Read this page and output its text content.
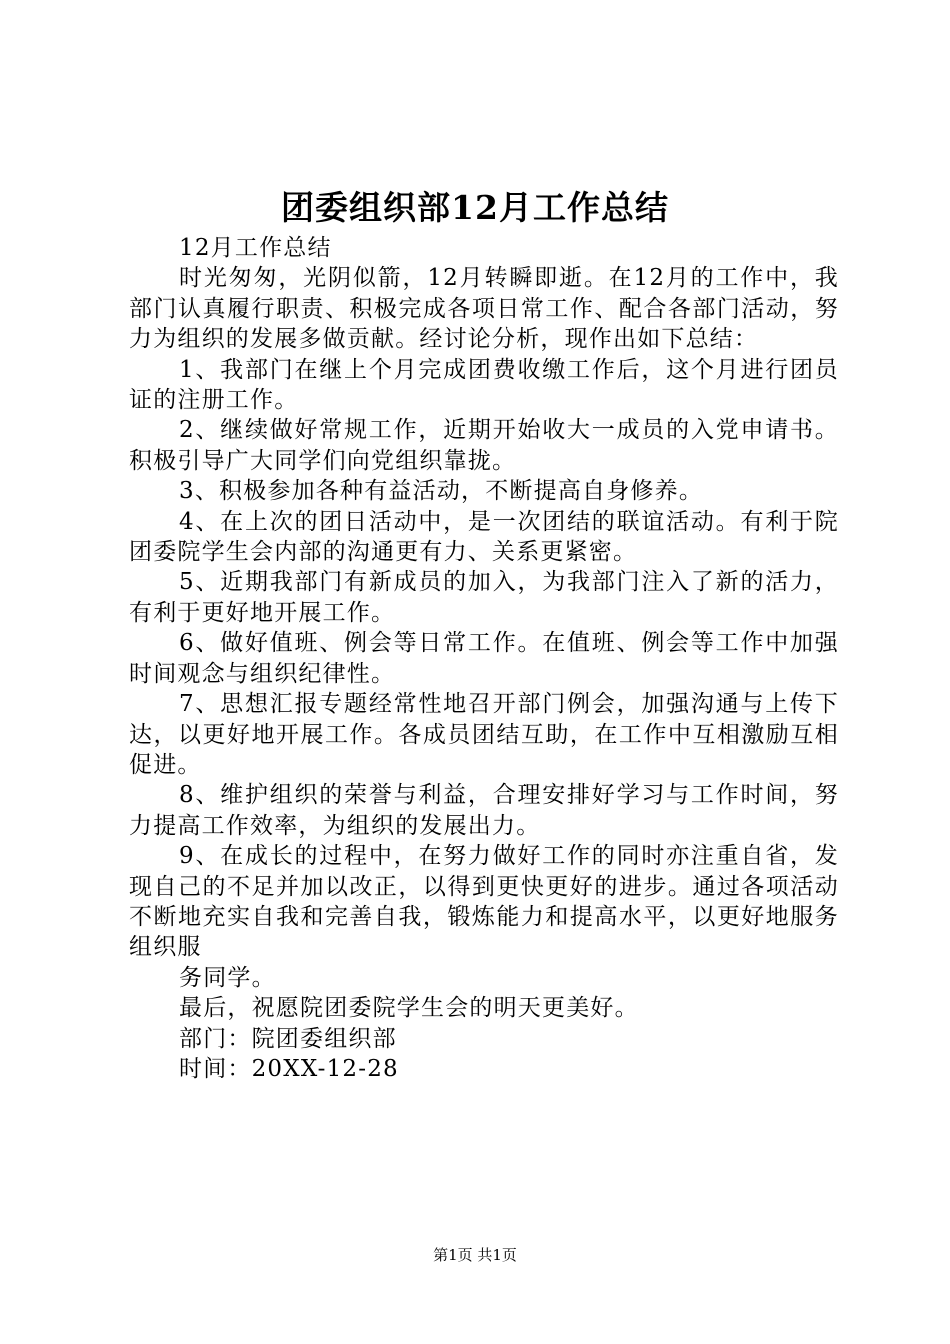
团委组织部12月工作总结

12月工作总结

时光匆匆，光阴似箭，12月转瞬即逝。在12月的工作中，我部门认真履行职责、积极完成各项日常工作、配合各部门活动，努力为组织的发展多做贡献。经讨论分析，现作出如下总结：

1、我部门在继上个月完成团费收缴工作后，这个月进行团员证的注册工作。

2、继续做好常规工作，近期开始收大一成员的入党申请书。积极引导广大同学们向党组织靠拢。

3、积极参加各种有益活动，不断提高自身修养。

4、在上次的团日活动中，是一次团结的联谊活动。有利于院团委院学生会内部的沟通更有力、关系更紧密。

5、近期我部门有新成员的加入，为我部门注入了新的活力，有利于更好地开展工作。

6、做好值班、例会等日常工作。在值班、例会等工作中加强时间观念与组织纪律性。

7、思想汇报专题经常性地召开部门例会，加强沟通与上传下达，以更好地开展工作。各成员团结互助，在工作中互相激励互相促进。

8、维护组织的荣誉与利益，合理安排好学习与工作时间，努力提高工作效率，为组织的发展出力。

9、在成长的过程中，在努力做好工作的同时亦注重自省，发现自己的不足并加以改正，以得到更快更好的进步。通过各项活动不断地充实自我和完善自我，锻炼能力和提高水平，以更好地服务组织服

务同学。

最后，祝愿院团委院学生会的明天更美好。

部门：院团委组织部

时间：20XX-12-28

第1页 共1页
